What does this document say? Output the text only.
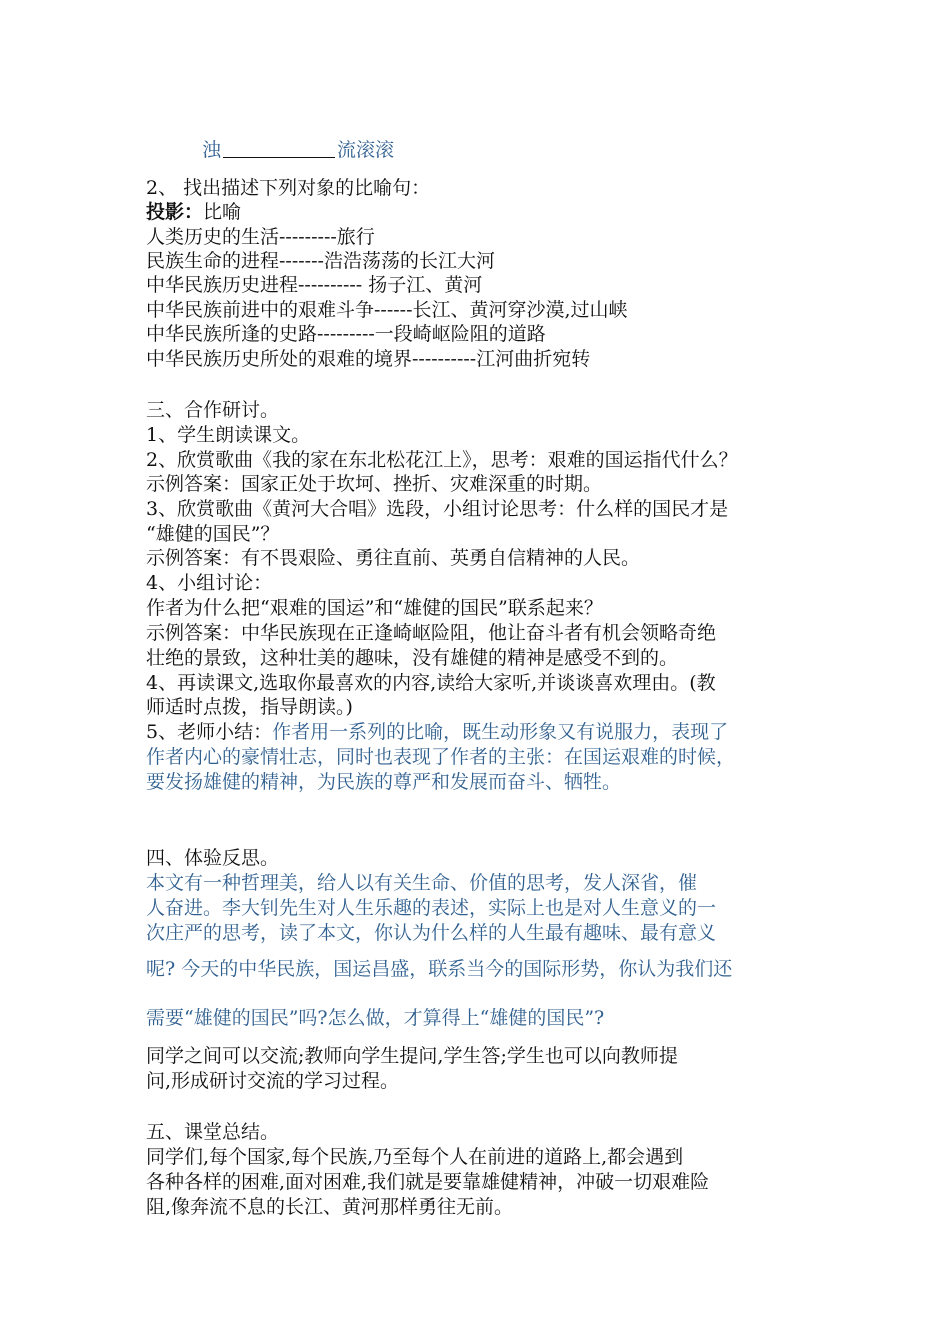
浊	流滚滚
2、 找出描述下列对象的比喻句：
投影：比喻
人类历史的生活---------旅行
民族生命的进程-------浩浩荡荡的长江大河
中华民族历史进程---------- 扬子江、黄河
中华民族前进中的艰难斗争------长江、黄河穿沙漠,过山峡
中华民族所逢的史路---------一段崎岖险阻的道路
中华民族历史所处的艰难的境界----------江河曲折宛转
三、合作研讨。
1、学生朗读课文。
2、欣赏歌曲《我的家在东北松花江上》，思考：艰难的国运指代什么？
示例答案：国家正处于坎坷、挫折、灾难深重的时期。
3、欣赏歌曲《黄河大合唱》选段，小组讨论思考：什么样的国民才是
“雄健的国民”？
示例答案：有不畏艰险、勇往直前、英勇自信精神的人民。
4、小组讨论：
作者为什么把“艰难的国运”和“雄健的国民”联系起来？
示例答案：中华民族现在正逢崎岖险阻，他让奋斗者有机会领略奇绝
壮绝的景致，这种壮美的趣味，没有雄健的精神是感受不到的。
4、再读课文,选取你最喜欢的内容,读给大家听,并谈谈喜欢理由。(教
师适时点拨，指导朗读。)
5、老师小结：作者用一系列的比喻，既生动形象又有说服力，表现了
作者内心的豪情壮志，同时也表现了作者的主张：在国运艰难的时候，
要发扬雄健的精神，为民族的尊严和发展而奋斗、牺牲。
四、体验反思。
本文有一种哲理美，给人以有关生命、价值的思考，发人深省，催
人奋进。李大钊先生对人生乐趣的表述，实际上也是对人生意义的一
次庄严的思考，读了本文，你认为什么样的人生最有趣味、最有意义
呢? 今天的中华民族，国运昌盛，联系当今的国际形势，你认为我们还
需要“雄健的国民”吗?怎么做，才算得上“雄健的国民”?
同学之间可以交流;教师向学生提问,学生答;学生也可以向教师提
问,形成研讨交流的学习过程。
五、课堂总结。
同学们,每个国家,每个民族,乃至每个人在前进的道路上,都会遇到
各种各样的困难,面对困难,我们就是要靠雄健精神，冲破一切艰难险
阻,像奔流不息的长江、黄河那样勇往无前。
